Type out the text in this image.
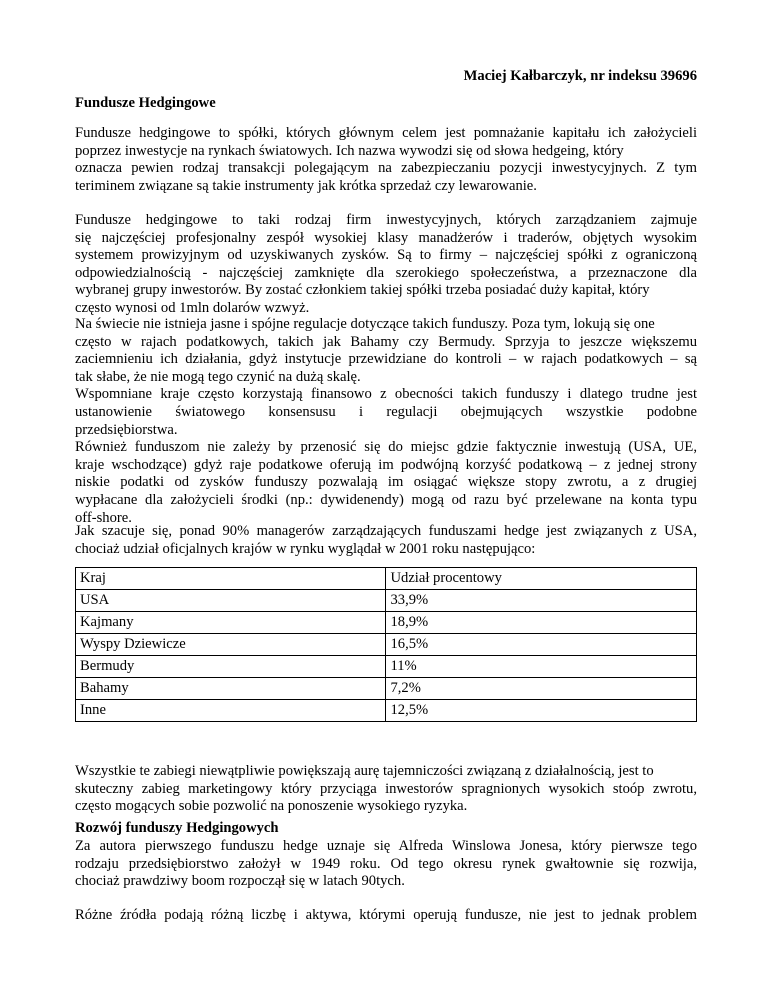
Maciej Kałbarczyk, nr indeksu 39696
Fundusze Hedgingowe
Fundusze hedgingowe to spółki, których głównym celem jest pomnażanie kapitału ich założycieli
poprzez inwestycje na rynkach światowych. Ich nazwa wywodzi się od słowa hedgeing, który
oznacza pewien rodzaj transakcji polegającym na zabezpieczaniu pozycji inwestycyjnych. Z tym
teriminem związane są takie instrumenty jak krótka sprzedaż czy lewarowanie.
Fundusze hedgingowe to taki rodzaj firm inwestycyjnych, których zarządzaniem zajmuje
się najczęściej profesjonalny zespół wysokiej klasy manadżerów i traderów, objętych wysokim
systemem prowizyjnym od uzyskiwanych zysków. Są to firmy – najczęściej spółki z ograniczoną
odpowiedzialnością - najczęściej zamknięte dla szerokiego społeczeństwa, a przeznaczone dla
wybranej grupy inwestorów. By zostać członkiem takiej spółki trzeba posiadać duży kapitał, który
często wynosi od 1mln dolarów wzwyż.
Na świecie nie istnieja jasne i spójne regulacje dotyczące takich funduszy. Poza tym, lokują się one
często w rajach podatkowych, takich jak Bahamy czy Bermudy. Sprzyja to jeszcze większemu
zaciemnieniu ich działania, gdyż instytucje przewidziane do kontroli – w rajach podatkowych – są
tak słabe, że nie mogą tego czynić na dużą skalę.
Wspomniane kraje często korzystają finansowo z obecności takich funduszy i dlatego trudne jest
ustanowienie światowego konsensusu i regulacji obejmujących wszystkie podobne
przedsiębiorstwa.
Również funduszom nie zależy by przenosić się do miejsc gdzie faktycznie inwestują (USA, UE,
kraje wschodzące) gdyż raje podatkowe oferują im podwójną korzyść podatkową – z jednej strony
niskie podatki od zysków funduszy pozwalają im osiągać większe stopy zwrotu, a z drugiej
wypłacane dla założycieli środki (np.: dywidenendy) mogą od razu być przelewane na konta typu
off-shore.
Jak szacuje się, ponad 90% managerów zarządzających funduszami hedge jest związanych z USA,
chociaż udział oficjalnych krajów w rynku wyglądał w 2001 roku następująco:
Kraj	Udział procentowy
USA	33,9%
Kajmany	18,9%
Wyspy Dziewicze	16,5%
Bermudy	11%
Bahamy	7,2%
Inne	12,5%
Wszystkie te zabiegi niewątpliwie powiększają aurę tajemniczości związaną z działalnością, jest to
skuteczny zabieg marketingowy który przyciąga inwestorów spragnionych wysokich stoóp zwrotu,
często mogących sobie pozwolić na ponoszenie wysokiego ryzyka.
Rozwój funduszy Hedgingowych
Za autora pierwszego funduszu hedge uznaje się Alfreda Winslowa Jonesa, który pierwsze tego
rodzaju przedsiębiorstwo założył w 1949 roku. Od tego okresu rynek gwałtownie się rozwija,
chociaż prawdziwy boom rozpoczął się w latach 90tych.
Różne źródła podają różną liczbę i aktywa, którymi operują fundusze, nie jest to jednak problem
